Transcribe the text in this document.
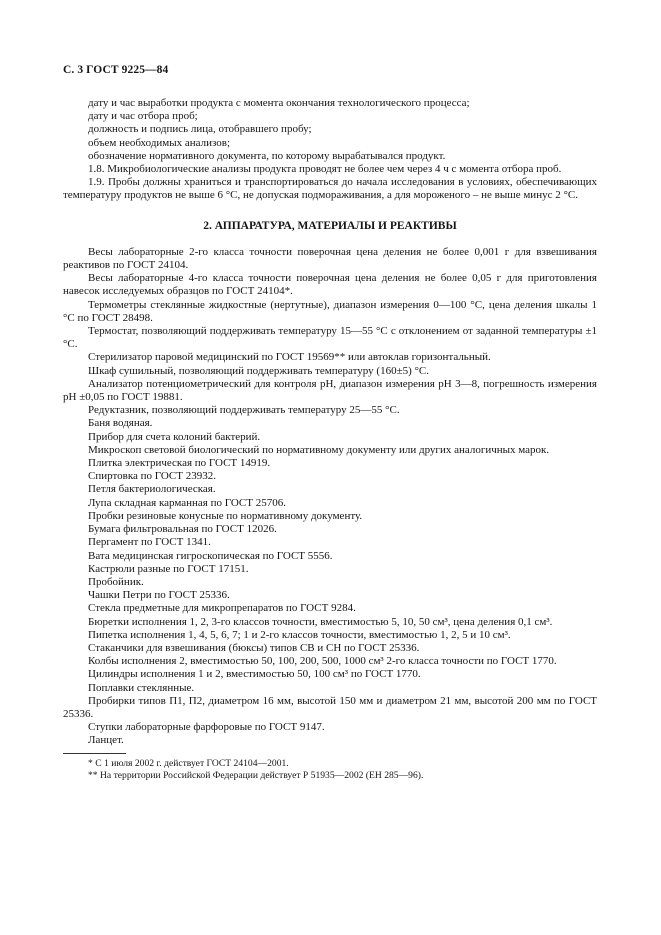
С. 3 ГОСТ 9225—84

дату и час выработки продукта с момента окончания технологического процесса;

дату и час отбора проб;

должность и подпись лица, отобравшего пробу;

объем необходимых анализов;

обозначение нормативного документа, по которому вырабатывался продукт.

1.8. Микробиологические анализы продукта проводят не более чем через 4 ч с момента отбора проб.

1.9. Пробы должны храниться и транспортироваться до начала исследования в условиях, обеспечивающих температуру продуктов не выше 6 °C, не допуская подмораживания, а для мороженого – не выше минус 2 °C.

2. АППАРАТУРА, МАТЕРИАЛЫ И РЕАКТИВЫ

Весы лабораторные 2-го класса точности поверочная цена деления не более 0,001 г для взвешивания реактивов по ГОСТ 24104.

Весы лабораторные 4-го класса точности поверочная цена деления не более 0,05 г для приготовления навесок исследуемых образцов по ГОСТ 24104*.

Термометры стеклянные жидкостные (нертутные), диапазон измерения 0—100 °C, цена деления шкалы 1 °C по ГОСТ 28498.

Термостат, позволяющий поддерживать температуру 15—55 °C с отклонением от заданной температуры ±1 °C.

Стерилизатор паровой медицинский по ГОСТ 19569** или автоклав горизонтальный.

Шкаф сушильный, позволяющий поддерживать температуру (160±5) °C.

Анализатор потенциометрический для контроля pH, диапазон измерения pH 3—8, погрешность измерения pH ±0,05 по ГОСТ 19881.

Редуктазник, позволяющий поддерживать температуру 25—55 °C.

Баня водяная.

Прибор для счета колоний бактерий.

Микроскоп световой биологический по нормативному документу или других аналогичных марок.

Плитка электрическая по ГОСТ 14919.

Спиртовка по ГОСТ 23932.

Петля бактериологическая.

Лупа складная карманная по ГОСТ 25706.

Пробки резиновые конусные по нормативному документу.

Бумага фильтровальная по ГОСТ 12026.

Пергамент по ГОСТ 1341.

Вата медицинская гигроскопическая по ГОСТ 5556.

Кастрюли разные по ГОСТ 17151.

Пробойник.

Чашки Петри по ГОСТ 25336.

Стекла предметные для микропрепаратов по ГОСТ 9284.

Бюретки исполнения 1, 2, 3-го классов точности, вместимостью 5, 10, 50 см³, цена деления 0,1 см³.

Пипетка исполнения 1, 4, 5, 6, 7; 1 и 2-го классов точности, вместимостью 1, 2, 5 и 10 см³.

Стаканчики для взвешивания (бюксы) типов СВ и СН по ГОСТ 25336.

Колбы исполнения 2, вместимостью 50, 100, 200, 500, 1000 см³ 2-го класса точности по ГОСТ 1770.

Цилиндры исполнения 1 и 2, вместимостью 50, 100 см³ по ГОСТ 1770.

Поплавки стеклянные.

Пробирки типов П1, П2, диаметром 16 мм, высотой 150 мм и диаметром 21 мм, высотой 200 мм по ГОСТ 25336.

Ступки лабораторные фарфоровые по ГОСТ 9147.

Ланцет.

* С 1 июля 2002 г. действует ГОСТ 24104—2001.

** На территории Российской Федерации действует Р 51935—2002 (ЕН 285—96).
